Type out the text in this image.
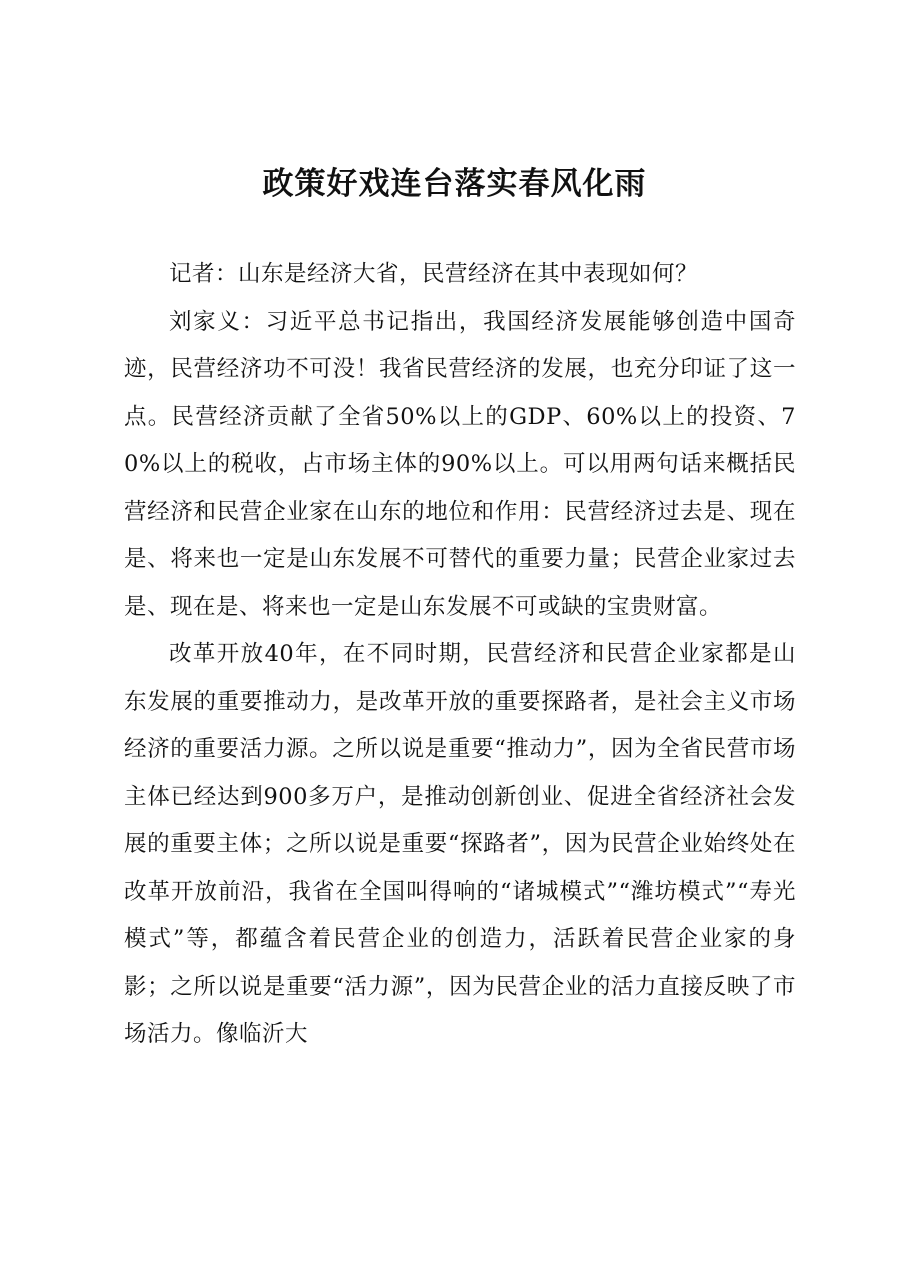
政策好戏连台落实春风化雨

记者：山东是经济大省，民营经济在其中表现如何？

刘家义：习近平总书记指出，我国经济发展能够创造中国奇迹，民营经济功不可没！我省民营经济的发展，也充分印证了这一点。民营经济贡献了全省50%以上的GDP、60%以上的投资、70%以上的税收，占市场主体的90%以上。可以用两句话来概括民营经济和民营企业家在山东的地位和作用：民营经济过去是、现在是、将来也一定是山东发展不可替代的重要力量；民营企业家过去是、现在是、将来也一定是山东发展不可或缺的宝贵财富。

改革开放40年，在不同时期，民营经济和民营企业家都是山东发展的重要推动力，是改革开放的重要探路者，是社会主义市场经济的重要活力源。之所以说是重要“推动力”，因为全省民营市场主体已经达到900多万户，是推动创新创业、促进全省经济社会发展的重要主体；之所以说是重要“探路者”，因为民营企业始终处在改革开放前沿，我省在全国叫得响的“诸城模式”“潍坊模式”“寿光模式”等，都蕴含着民营企业的创造力，活跃着民营企业家的身影；之所以说是重要“活力源”，因为民营企业的活力直接反映了市场活力。像临沂大
